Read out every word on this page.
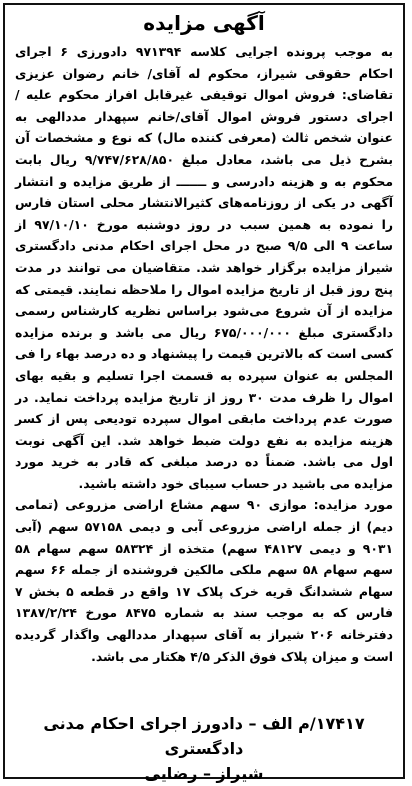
آگهی مزایده

به موجب پرونده اجرایی کلاسه ۹۷۱۳۹۴ دادورزی ۶ اجرای احکام حقوقی شیراز، محکوم له آقای/ خانم رضوان عزیزی تقاضای: فروش اموال توقیفی غیرقابل افراز محکوم علیه / اجرای دستور فروش اموال آقای/خانم سپهدار مددالهی به عنوان شخص ثالث (معرفی کننده مال) که نوع و مشخصات آن بشرح ذیل می باشد، معادل مبلغ ۹/۷۴۷/۶۲۸/۸۵۰ ریال بابت محکوم به و هزینه دادرسی و ـــــــ از طریق مزایده و انتشار آگهی در یکی از روزنامه‌های کثیرالانتشار محلی استان فارس را نموده به همین سبب در روز دوشنبه مورخ ۹۷/۱۰/۱۰ از ساعت ۹ الی ۹/۵ صبح در محل اجرای احکام مدنی دادگستری شیراز مزایده برگزار خواهد شد. متقاضیان می توانند در مدت پنج روز قبل از تاریخ مزایده اموال را ملاحظه نمایند. قیمتی که مزایده از آن شروع می‌شود براساس نظریه کارشناس رسمی دادگستری مبلغ ۶۷۵/۰۰۰/۰۰۰ ریال می باشد و برنده مزایده کسی است که بالاترین قیمت را پیشنهاد و ده درصد بهاء را فی المجلس به عنوان سپرده به قسمت اجرا تسلیم و بقیه بهای اموال را ظرف مدت ۳۰ روز از تاریخ مزایده پرداخت نماید. در صورت عدم پرداخت مابقی اموال سپرده تودیعی پس از کسر هزینه مزایده به نفع دولت ضبط خواهد شد. این آگهی نوبت اول می باشد. ضمناً ده درصد مبلغی که قادر به خرید مورد مزایده می باشید در حساب سیبای خود داشته باشید.

مورد مزایده: موازی ۹۰ سهم مشاع اراضی مزروعی (تمامی دیم) از جمله اراضی مزروعی آبی و دیمی ۵۷۱۵۸ سهم (آبی ۹۰۳۱ و دیمی ۴۸۱۲۷ سهم) متخذه از ۵۸۳۲۴ سهم سهام ۵۸ سهم سهام ۵۸ سهم ملکی مالکین فروشنده از جمله ۶۶ سهم سهام ششدانگ قریه خرک پلاک ۱۷ واقع در قطعه ۵ بخش ۷ فارس که به موجب سند به شماره ۸۴۷۵ مورخ ۱۳۸۷/۲/۲۴ دفترخانه ۲۰۶ شیراز به آقای سپهدار مددالهی واگذار گردیده است و میزان پلاک فوق الذکر ۴/۵ هکتار می باشد.

۱۷۴۱۷/م الف – دادورز اجرای احکام مدنی دادگستری
شیراز – رضایی
